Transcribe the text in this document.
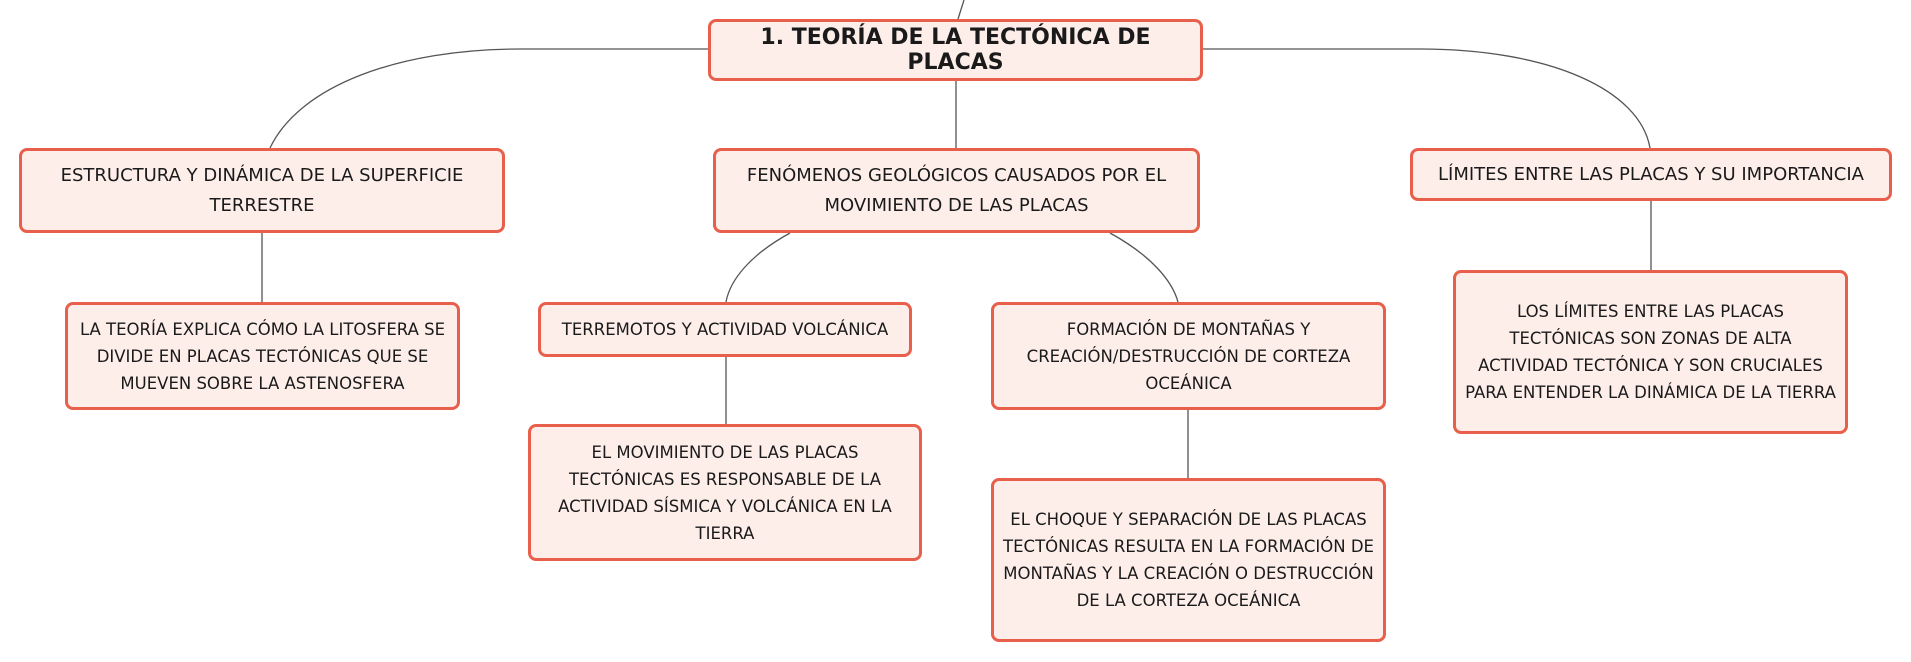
1. TEORÍA DE LA TECTÓNICA DE PLACAS
ESTRUCTURA Y DINÁMICA DE LA SUPERFICIE TERRESTRE
FENÓMENOS GEOLÓGICOS CAUSADOS POR EL MOVIMIENTO DE LAS PLACAS
LÍMITES ENTRE LAS PLACAS Y SU IMPORTANCIA
LA TEORÍA EXPLICA CÓMO LA LITOSFERA SE DIVIDE EN PLACAS TECTÓNICAS QUE SE MUEVEN SOBRE LA ASTENOSFERA
TERREMOTOS Y ACTIVIDAD VOLCÁNICA	FORMACIÓN DE MONTAÑAS Y CREACIÓN/DESTRUCCIÓN DE CORTEZA OCEÁNICA
LOS LÍMITES ENTRE LAS PLACAS TECTÓNICAS SON ZONAS DE ALTA ACTIVIDAD TECTÓNICA Y SON CRUCIALES PARA ENTENDER LA DINÁMICA DE LA TIERRA
EL MOVIMIENTO DE LAS PLACAS TECTÓNICAS ES RESPONSABLE DE LA ACTIVIDAD SÍSMICA Y VOLCÁNICA EN LA TIERRA
EL CHOQUE Y SEPARACIÓN DE LAS PLACAS TECTÓNICAS RESULTA EN LA FORMACIÓN DE MONTAÑAS Y LA CREACIÓN O DESTRUCCIÓN DE LA CORTEZA OCEÁNICA
